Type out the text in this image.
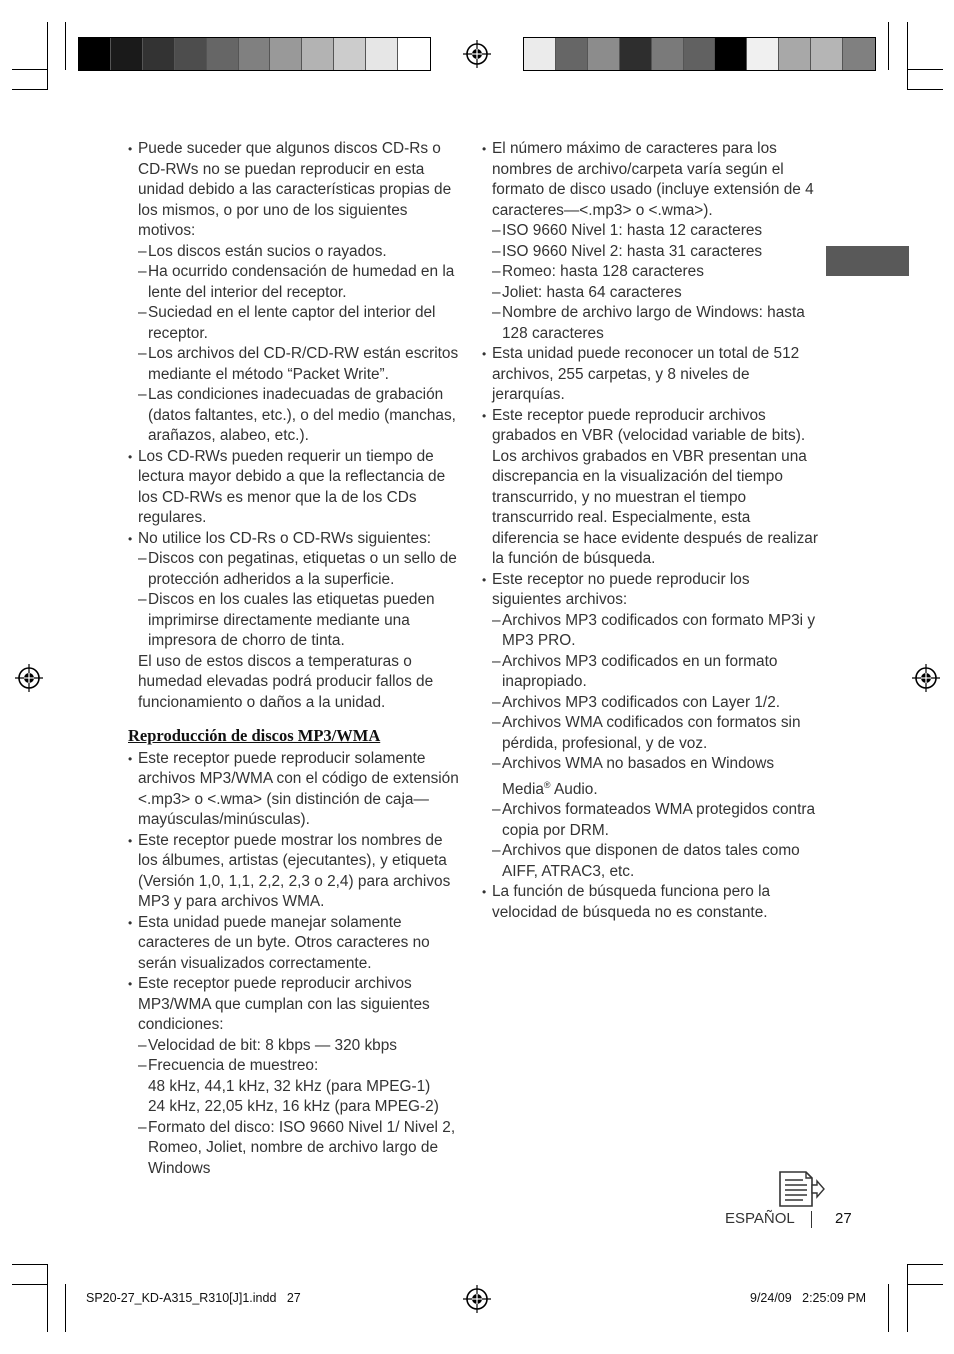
• Puede suceder que algunos discos CD-Rs o CD-RWs no se puedan reproducir en esta unidad debido a las características propias de los mismos, o por uno de los siguientes motivos:
– Los discos están sucios o rayados.
– Ha ocurrido condensación de humedad en la lente del interior del receptor.
– Suciedad en el lente captor del interior del receptor.
– Los archivos del CD-R/CD-RW están escritos mediante el método “Packet Write”.
– Las condiciones inadecuadas de grabación (datos faltantes, etc.), o del medio (manchas, arañazos, alabeo, etc.).
• Los CD-RWs pueden requerir un tiempo de lectura mayor debido a que la reflectancia de los CD-RWs es menor que la de los CDs regulares.
• No utilice los CD-Rs o CD-RWs siguientes:
– Discos con pegatinas, etiquetas o un sello de protección adheridos a la superficie.
– Discos en los cuales las etiquetas pueden imprimirse directamente mediante una impresora de chorro de tinta.
El uso de estos discos a temperaturas o humedad elevadas podrá producir fallos de funcionamiento o daños a la unidad.
Reproducción de discos MP3/WMA
• Este receptor puede reproducir solamente archivos MP3/WMA con el código de extensión <.mp3> o <.wma> (sin distinción de caja—mayúsculas/minúsculas).
• Este receptor puede mostrar los nombres de los álbumes, artistas (ejecutantes), y etiqueta (Versión 1,0, 1,1, 2,2, 2,3 o 2,4) para archivos MP3 y para archivos WMA.
• Esta unidad puede manejar solamente caracteres de un byte. Otros caracteres no serán visualizados correctamente.
• Este receptor puede reproducir archivos MP3/WMA que cumplan con las siguientes condiciones:
– Velocidad de bit: 8 kbps — 320 kbps
– Frecuencia de muestreo:
48 kHz, 44,1 kHz, 32 kHz (para MPEG-1)
24 kHz, 22,05 kHz, 16 kHz (para MPEG-2)
– Formato del disco: ISO 9660 Nivel 1/ Nivel 2, Romeo, Joliet, nombre de archivo largo de Windows
• El número máximo de caracteres para los nombres de archivo/carpeta varía según el formato de disco usado (incluye extensión de 4 caracteres—<.mp3> o <.wma>).
– ISO 9660 Nivel 1: hasta 12 caracteres
– ISO 9660 Nivel 2: hasta 31 caracteres
– Romeo: hasta 128 caracteres
– Joliet: hasta 64 caracteres
– Nombre de archivo largo de Windows: hasta 128 caracteres
• Esta unidad puede reconocer un total de 512 archivos, 255 carpetas, y 8 niveles de jerarquías.
• Este receptor puede reproducir archivos grabados en VBR (velocidad variable de bits). Los archivos grabados en VBR presentan una discrepancia en la visualización del tiempo transcurrido, y no muestran el tiempo transcurrido real. Especialmente, esta diferencia se hace evidente después de realizar la función de búsqueda.
• Este receptor no puede reproducir los siguientes archivos:
– Archivos MP3 codificados con formato MP3i y MP3 PRO.
– Archivos MP3 codificados en un formato inapropiado.
– Archivos MP3 codificados con Layer 1/2.
– Archivos WMA codificados con formatos sin pérdida, profesional, y de voz.
– Archivos WMA no basados en Windows Media® Audio.
– Archivos formateados WMA protegidos contra copia por DRM.
– Archivos que disponen de datos tales como AIFF, ATRAC3, etc.
• La función de búsqueda funciona pero la velocidad de búsqueda no es constante.
ESPAÑOL	27
SP20-27_KD-A315_R310[J]1.indd   27	9/24/09   2:25:09 PM
